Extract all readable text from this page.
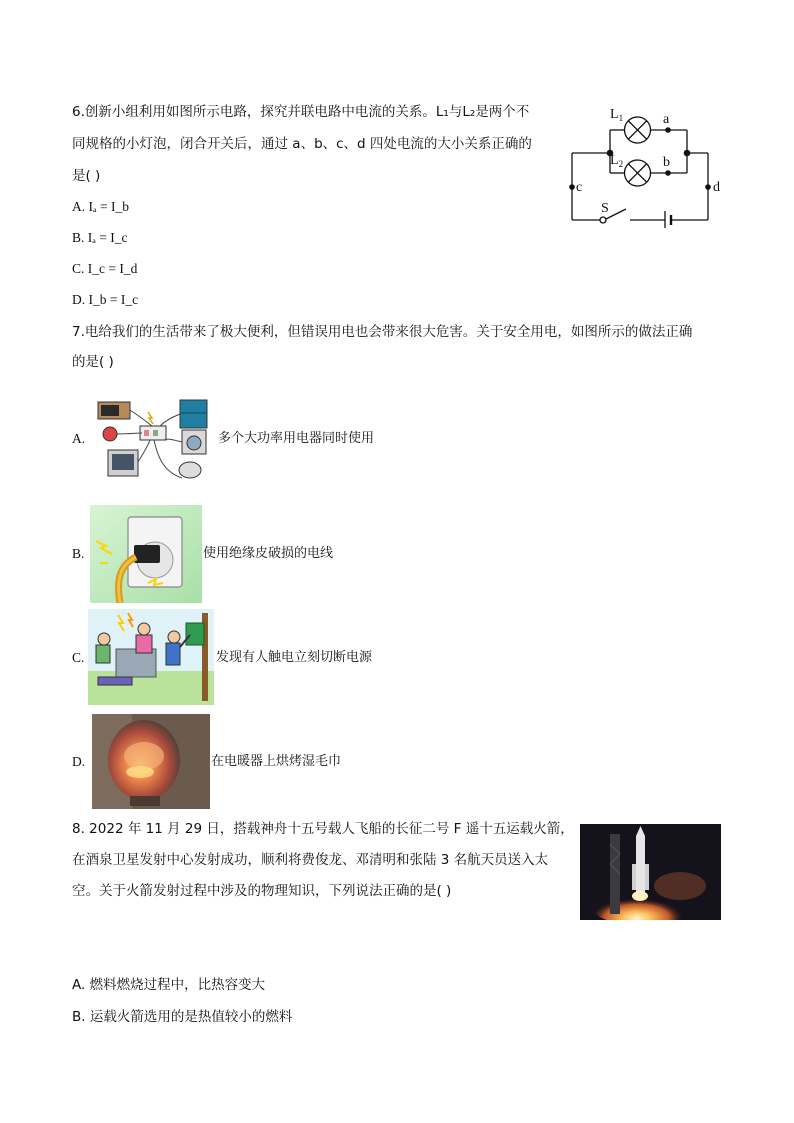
6.创新小组利用如图所示电路，探究并联电路中电流的关系。L₁与L₂是两个不
同规格的小灯泡，闭合开关后，通过 a、b、c、d 四处电流的大小关系正确的
是( )
A. Iₐ = I_b
B. Iₐ = I_c
C. I_c = I_d
D. I_b = I_c
$L_1$
$L_2$
a
b
c	d
S
7.电给我们的生活带来了极大便利，但错误用电也会带来很大危害。关于安全用电，如图所示的做法正确
的是( )
A.	多个大功率用电器同时使用
B.	使用绝缘皮破损的电线
C.	发现有人触电立刻切断电源
D.	在电暖器上烘烤湿毛巾
8. 2022 年 11 月 29 日，搭载神舟十五号载人飞船的长征二号 F 遥十五运载火箭，
在酒泉卫星发射中心发射成功，顺利将费俊龙、邓清明和张陆 3 名航天员送入太
空。关于火箭发射过程中涉及的物理知识，下列说法正确的是( )
A. 燃料燃烧过程中，比热容变大
B. 运载火箭选用的是热值较小的燃料
